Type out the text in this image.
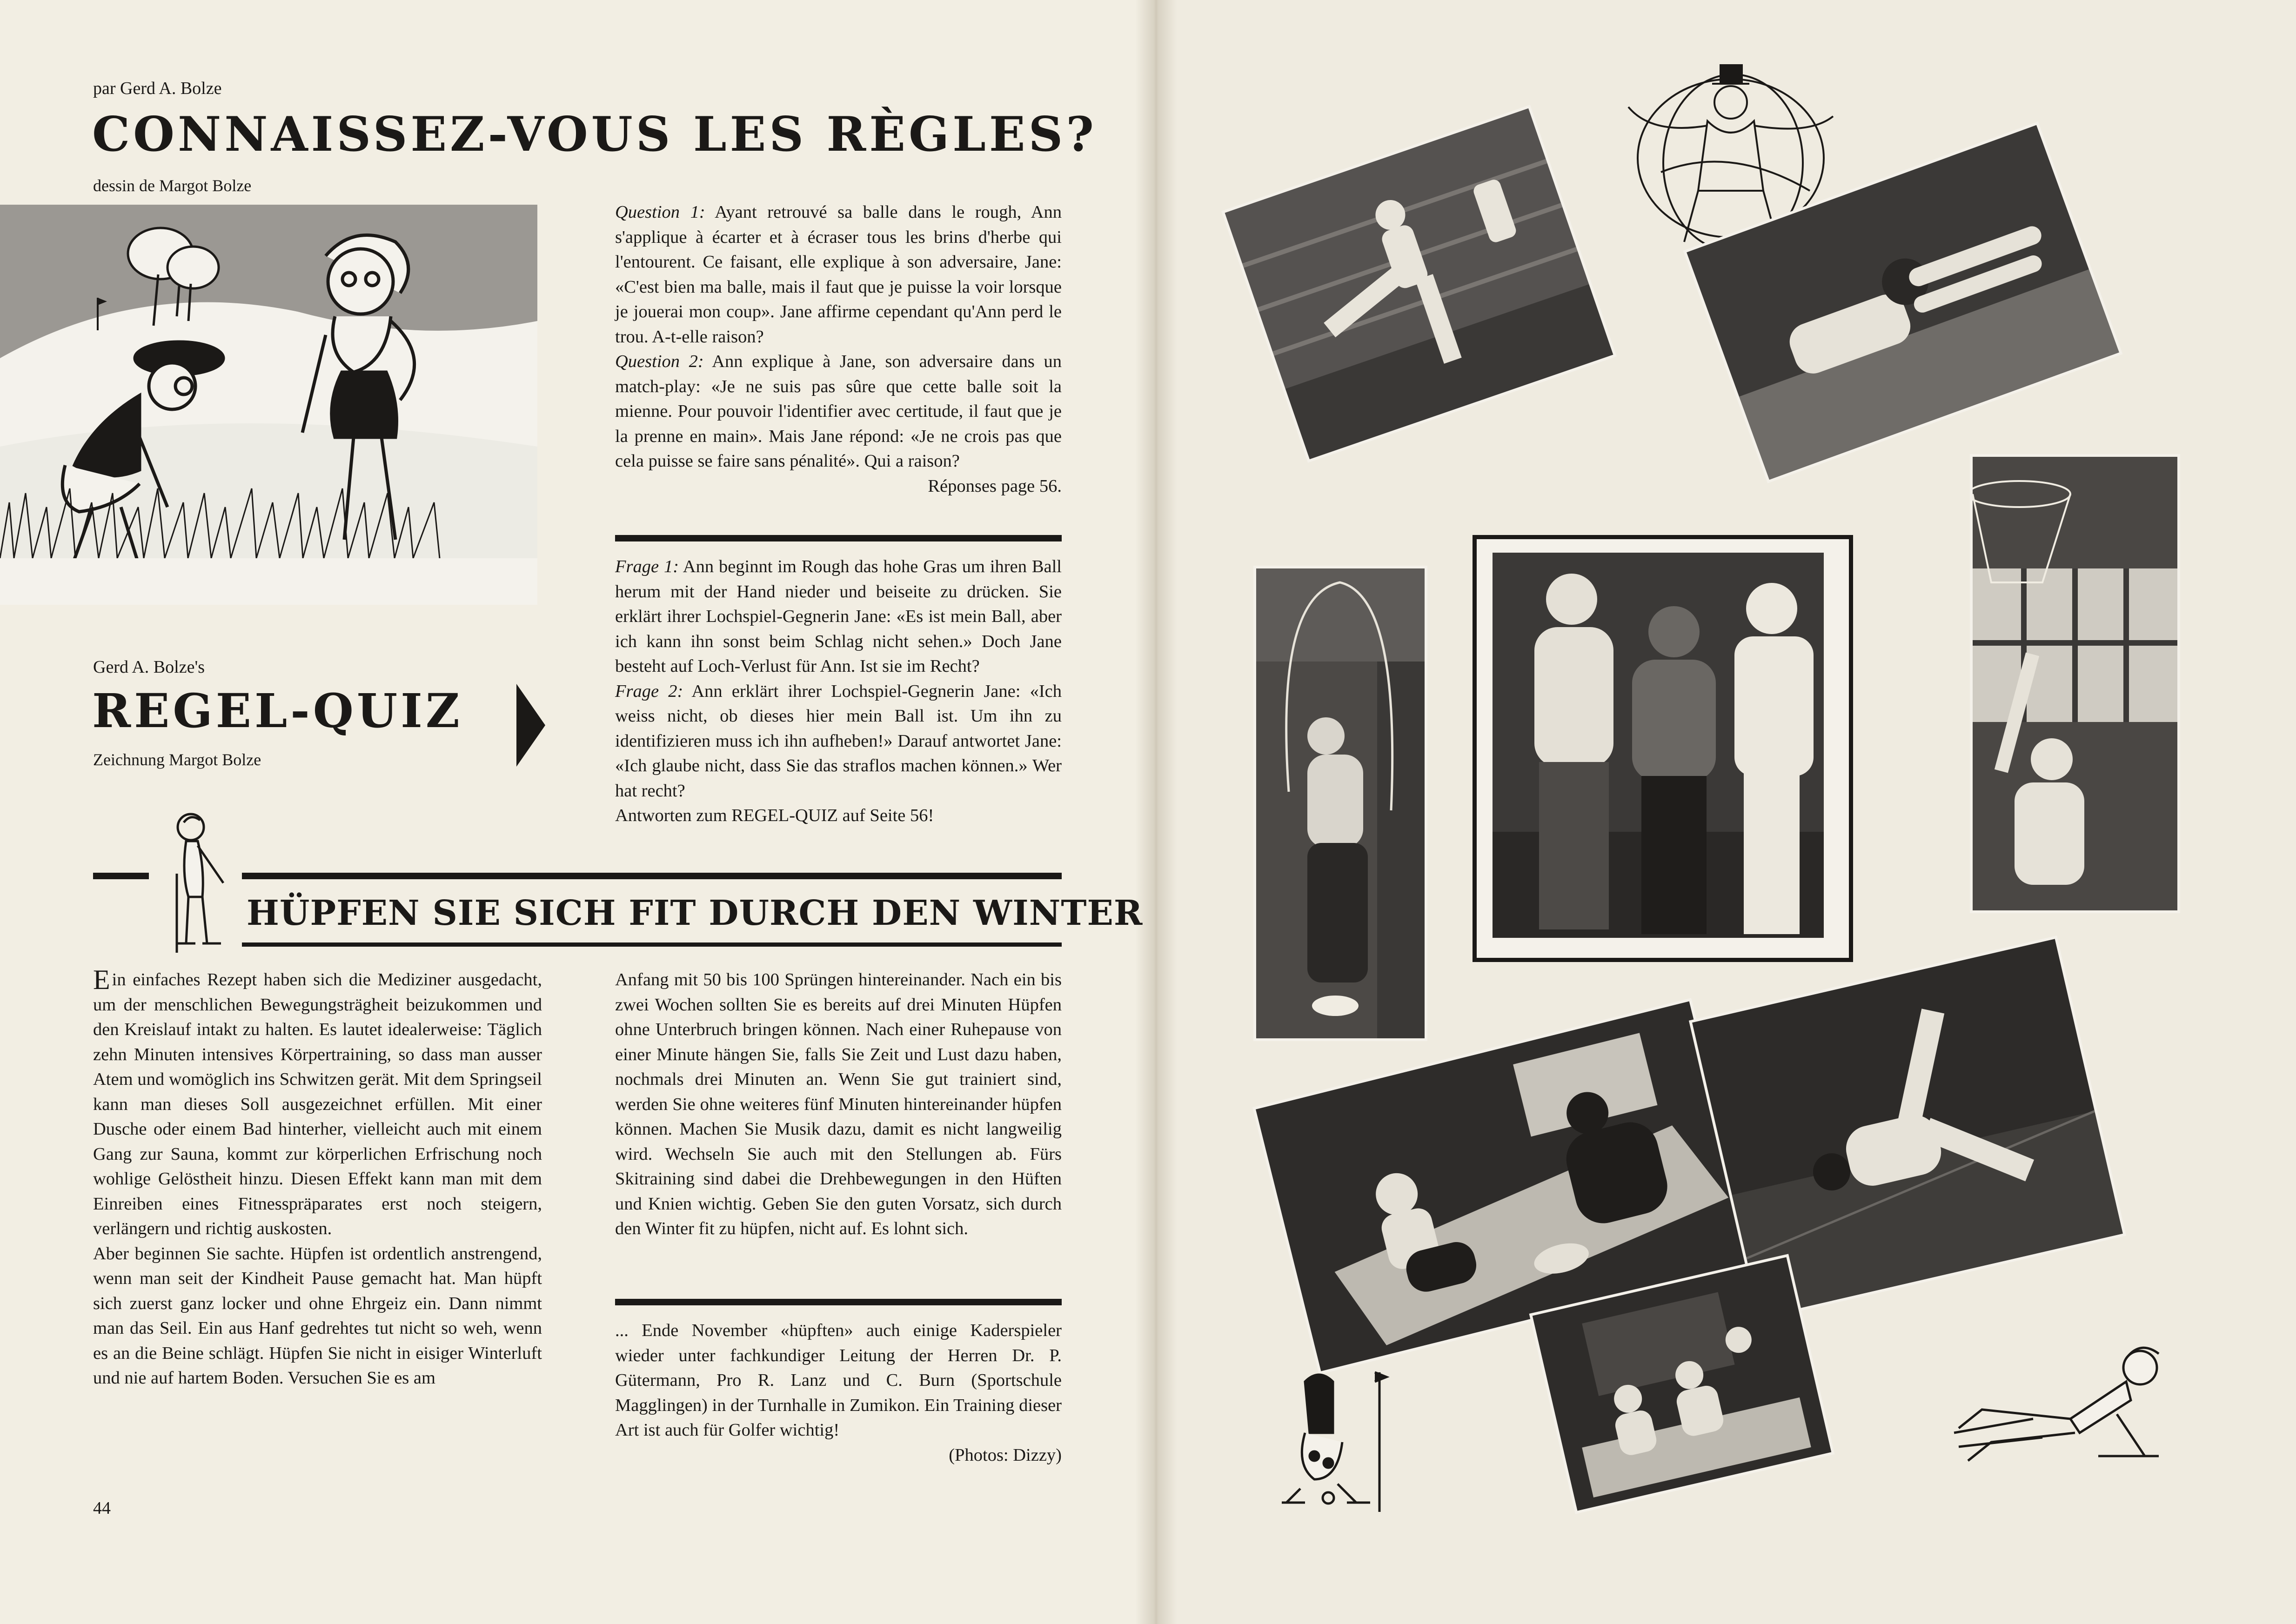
par Gerd A. Bolze
CONNAISSEZ-VOUS LES RÈGLES?
dessin de Margot Bolze

Question 1: Ayant retrouvé sa balle dans le rough, Ann s'applique à écarter et à écraser tous les brins d'herbe qui l'entourent. Ce faisant, elle explique à son adversaire, Jane: «C'est bien ma balle, mais il faut que je puisse la voir lorsque je jouerai mon coup». Jane affirme cependant qu'Ann perd le trou. A-t-elle raison?

Question 2: Ann explique à Jane, son adversaire dans un match-play: «Je ne suis pas sûre que cette balle soit la mienne. Pour pouvoir l'identifier avec certitude, il faut que je la prenne en main». Mais Jane répond: «Je ne crois pas que cela puisse se faire sans pénalité». Qui a raison?
Réponses page 56.

Gerd A. Bolze's
REGEL-QUIZ
Zeichnung Margot Bolze

Frage 1: Ann beginnt im Rough das hohe Gras um ihren Ball herum mit der Hand nieder und beiseite zu drücken. Sie erklärt ihrer Lochspiel-Gegnerin Jane: «Es ist mein Ball, aber ich kann ihn sonst beim Schlag nicht sehen.» Doch Jane besteht auf Loch-Verlust für Ann. Ist sie im Recht?

Frage 2: Ann erklärt ihrer Lochspiel-Gegnerin Jane: «Ich weiss nicht, ob dieses hier mein Ball ist. Um ihn zu identifizieren muss ich ihn aufheben!» Darauf antwortet Jane: «Ich glaube nicht, dass Sie das straflos machen können.» Wer hat recht?

Antworten zum REGEL-QUIZ auf Seite 56!

HÜPFEN SIE SICH FIT DURCH DEN WINTER

Ein einfaches Rezept haben sich die Mediziner ausgedacht, um der menschlichen Bewegungsträgheit beizukommen und den Kreislauf intakt zu halten. Es lautet idealerweise: Täglich zehn Minuten intensives Körpertraining, so dass man ausser Atem und womöglich ins Schwitzen gerät. Mit dem Springseil kann man dieses Soll ausgezeichnet erfüllen. Mit einer Dusche oder einem Bad hinterher, vielleicht auch mit einem Gang zur Sauna, kommt zur körperlichen Erfrischung noch wohlige Gelöstheit hinzu. Diesen Effekt kann man mit dem Einreiben eines Fitnesspräparates erst noch steigern, verlängern und richtig auskosten.

Aber beginnen Sie sachte. Hüpfen ist ordentlich anstrengend, wenn man seit der Kindheit Pause gemacht hat. Man hüpft sich zuerst ganz locker und ohne Ehrgeiz ein. Dann nimmt man das Seil. Ein aus Hanf gedrehtes tut nicht so weh, wenn es an die Beine schlägt. Hüpfen Sie nicht in eisiger Winterluft und nie auf hartem Boden. Versuchen Sie es am

Anfang mit 50 bis 100 Sprüngen hintereinander. Nach ein bis zwei Wochen sollten Sie es bereits auf drei Minuten Hüpfen ohne Unterbruch bringen können. Nach einer Ruhepause von einer Minute hängen Sie, falls Sie Zeit und Lust dazu haben, nochmals drei Minuten an. Wenn Sie gut trainiert sind, werden Sie ohne weiteres fünf Minuten hintereinander hüpfen können. Machen Sie Musik dazu, damit es nicht langweilig wird. Wechseln Sie auch mit den Stellungen ab. Fürs Skitraining sind dabei die Drehbewegungen in den Hüften und Knien wichtig. Geben Sie den guten Vorsatz, sich durch den Winter fit zu hüpfen, nicht auf. Es lohnt sich.

... Ende November «hüpften» auch einige Kaderspieler wieder unter fachkundiger Leitung der Herren Dr. P. Gütermann, Pro R. Lanz und C. Burn (Sportschule Magglingen) in der Turnhalle in Zumikon. Ein Training dieser Art ist auch für Golfer wichtig!

(Photos: Dizzy)

44
